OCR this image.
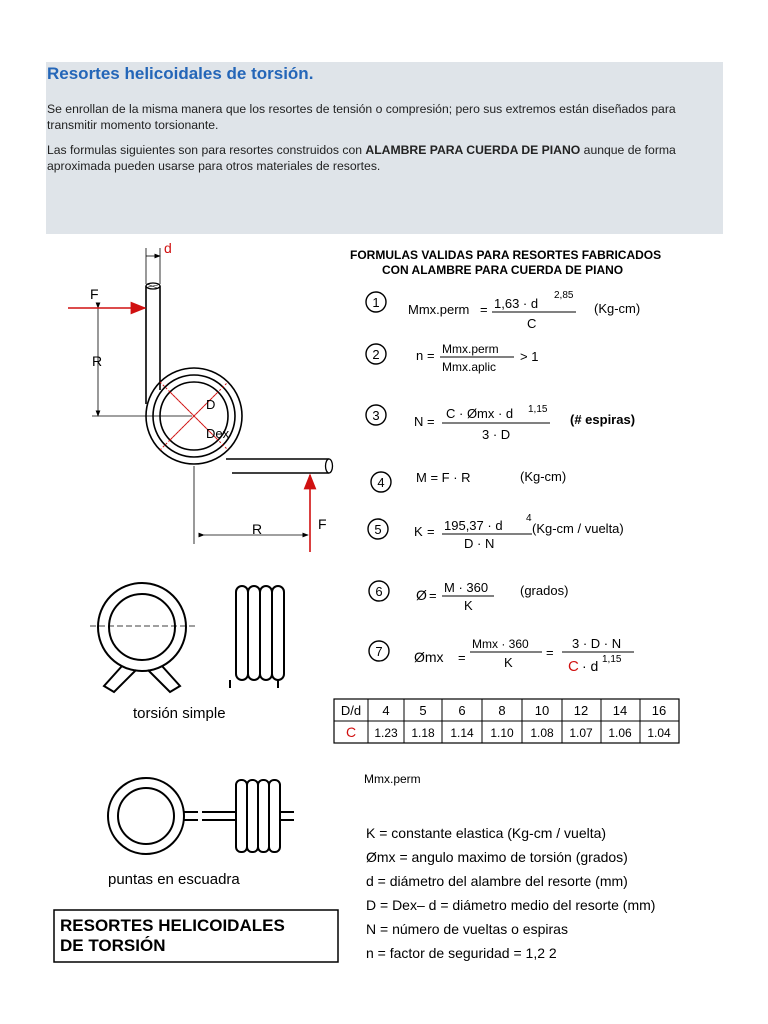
Resortes helicoidales de torsión.

Se enrollan de la misma manera que los resortes de tensión o compresión; pero sus extremos están diseñados para transmitir momento torsionante.

Las formulas siguientes son para resortes construidos con ALAMBRE PARA CUERDA DE PIANO aunque de forma aproximada pueden usarse para otros materiales de resortes.

d
F
R
R	F
D
Dex
torsión simple
puntas en escuadra
RESORTES HELICOIDALES
DE TORSIÓN
FORMULAS VALIDAS PARA RESORTES FABRICADOS
CON ALAMBRE PARA CUERDA DE PIANO
1 Mmx.perm = 1,63 · d
2,85
C
(Kg-cm)
2	n = Mmx.perm
Mmx.aplic
> 1
3	N =
C · Ømx · d 1,15
3 · D
(# espiras)
4 M = F · R	(Kg-cm)
5 K = 195,37 · d 4
D · N
(Kg-cm / vuelta)
6 Ø =
M · 360
K
(grados)
7 Ømx =
Mmx · 360
K
=
3 · D · N
C · d 1,15
D/d 4 5 6	8 10 12 14 16
C 1.23 1.18 1.14 1.10 1.08 1.07 1.06 1.04
Mmx.perm
K = constante elastica (Kg-cm / vuelta)
Ømx = angulo maximo de torsión (grados)
d = diámetro del alambre del resorte (mm)
D = Dex– d = diámetro medio del resorte (mm)
N = número de vueltas o espiras
n = factor de seguridad = 1,2 2
